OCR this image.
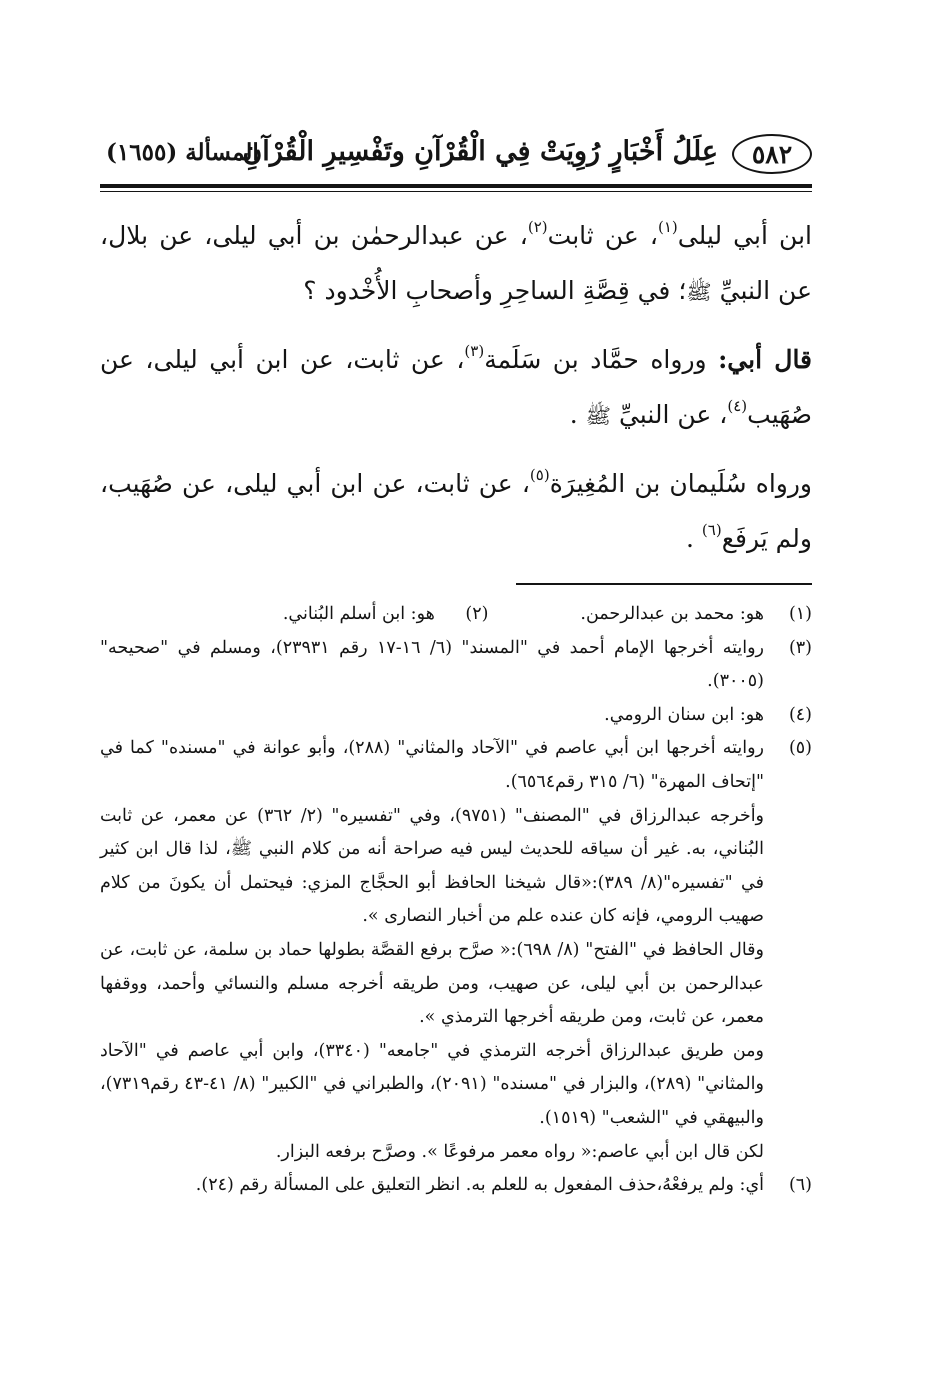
٥٨٢
عِلَلُ أَخْبَارٍ رُوِيَتْ فِي الْقُرْآنِ وتَفْسِيرِ الْقُرْآنِ
المسألة (١٦٥٥)

ابن أبي ليلى$^{(١)}$، عن ثابت$^{(٢)}$، عن عبدالرحمٰن بن أبي ليلى، عن بلال، عن النبيِّ ﷺ؛ في قِصَّةِ الساحِرِ وأصحابِ الأُخْدود ؟

قال أبي: ورواه حمَّاد بن سَلَمة$^{(٣)}$، عن ثابت، عن ابن أبي ليلى، عن صُهَيب$^{(٤)}$، عن النبيِّ ﷺ .

ورواه سُلَيمان بن المُغِيرَة$^{(٥)}$، عن ثابت، عن ابن أبي ليلى، عن صُهَيب، ولم يَرفَع$^{(٦)}$ .

(١)
هو: محمد بن عبدالرحمن. (٢) هو: ابن أسلم البُناني.
(٣)
روايته أخرجها الإمام أحمد في "المسند" (٦/ ١٦-١٧ رقم ٢٣٩٣١)، ومسلم في "صحيحه" (٣٠٠٥).
(٤)
هو: ابن سنان الرومي.
(٥)

روايته أخرجها ابن أبي عاصم في "الآحاد والمثاني" (٢٨٨)، وأبو عوانة في "مسنده" كما في "إتحاف المهرة" (٦/ ٣١٥ رقم٦٥٦٤).

وأخرجه عبدالرزاق في "المصنف" (٩٧٥١)، وفي "تفسيره" (٢/ ٣٦٢) عن معمر، عن ثابت البُناني، به. غير أن سياقه للحديث ليس فيه صراحة أنه من كلام النبي ﷺ، لذا قال ابن كثير في "تفسيره"(٨/ ٣٨٩):«قال شيخنا الحافظ أبو الحجَّاج المزي: فيحتمل أن يكونَ من كلام صهيب الرومي، فإنه كان عنده علم من أخبار النصارى ».

وقال الحافظ في "الفتح" (٨/ ٦٩٨):« صرَّح برفع القصَّة بطولها حماد بن سلمة، عن ثابت، عن عبدالرحمن بن أبي ليلى، عن صهيب، ومن طريقه أخرجه مسلم والنسائي وأحمد، ووقفها معمر، عن ثابت، ومن طريقه أخرجها الترمذي ».

ومن طريق عبدالرزاق أخرجه الترمذي في "جامعه" (٣٣٤٠)، وابن أبي عاصم في "الآحاد والمثاني" (٢٨٩)، والبزار في "مسنده" (٢٠٩١)، والطبراني في "الكبير" (٨/ ٤١-٤٣ رقم٧٣١٩)، والبيهقي في "الشعب" (١٥١٩).

لكن قال ابن أبي عاصم:« رواه معمر مرفوعًا ». وصرَّح برفعه البزار.

(٦)
أي: ولم يرفعْهُ،حذف المفعول به للعلم به. انظر التعليق على المسألة رقم (٢٤).
